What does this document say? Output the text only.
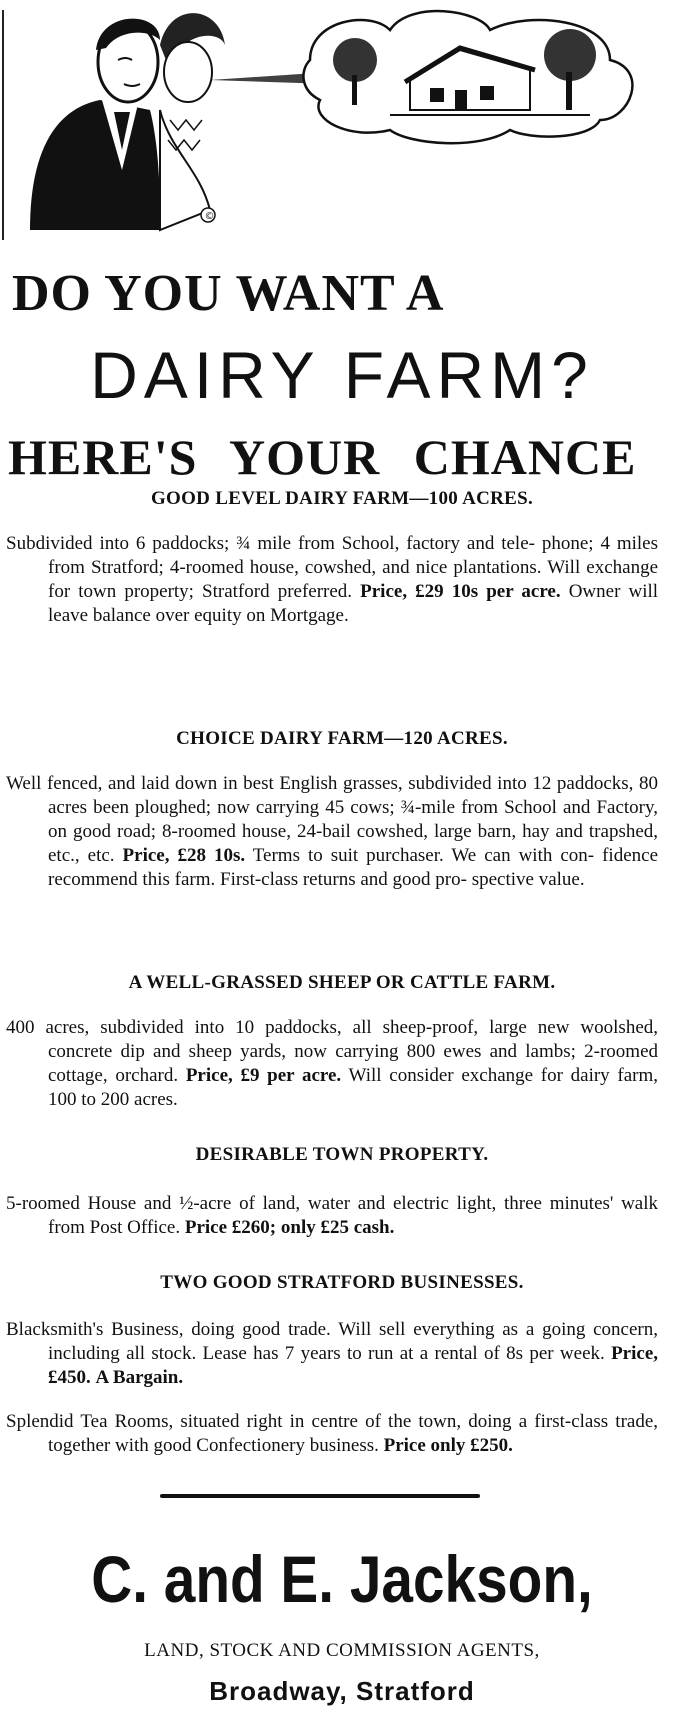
©
DO YOU WANT A
DAIRY FARM?
HERE'S YOUR CHANCE
GOOD LEVEL DAIRY FARM—100 ACRES.
Subdivided into 6 paddocks; ¾ mile from School, factory and tele- phone; 4 miles from Stratford; 4-roomed house, cowshed, and nice plantations. Will exchange for town property; Stratford preferred. Price, £29 10s per acre. Owner will leave balance over equity on Mortgage.
CHOICE DAIRY FARM—120 ACRES.
Well fenced, and laid down in best English grasses, subdivided into 12 paddocks, 80 acres been ploughed; now carrying 45 cows; ¾-mile from School and Factory, on good road; 8-roomed house, 24-bail cowshed, large barn, hay and trapshed, etc., etc. Price, £28 10s. Terms to suit purchaser. We can with con- fidence recommend this farm. First-class returns and good pro- spective value.
A WELL-GRASSED SHEEP OR CATTLE FARM.
400 acres, subdivided into 10 paddocks, all sheep-proof, large new woolshed, concrete dip and sheep yards, now carrying 800 ewes and lambs; 2-roomed cottage, orchard. Price, £9 per acre. Will consider exchange for dairy farm, 100 to 200 acres.
DESIRABLE TOWN PROPERTY.
5-roomed House and ½-acre of land, water and electric light, three minutes' walk from Post Office. Price £260; only £25 cash.
TWO GOOD STRATFORD BUSINESSES.
Blacksmith's Business, doing good trade. Will sell everything as a going concern, including all stock. Lease has 7 years to run at a rental of 8s per week. Price, £450. A Bargain.
Splendid Tea Rooms, situated right in centre of the town, doing a first-class trade, together with good Confectionery business. Price only £250.
C. and E. Jackson,
LAND, STOCK AND COMMISSION AGENTS,
Broadway, Stratford
